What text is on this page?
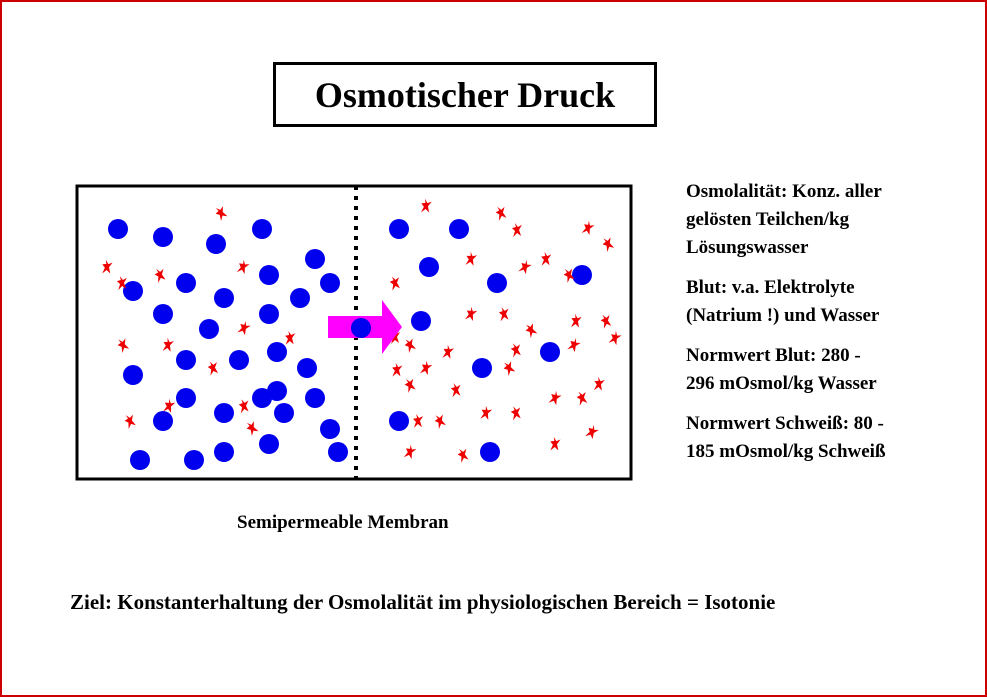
Osmotischer Druck

Osmolalität: Konz. aller
gelösten Teilchen/kg
Lösungswasser

Blut: v.a. Elektrolyte
(Natrium !) und Wasser

Normwert Blut: 280 -
296 mOsmol/kg Wasser

Normwert Schweiß: 80 -
185 mOsmol/kg Schweiß

Semipermeable Membran
Ziel: Konstanterhaltung der Osmolalität im physiologischen Bereich = Isotonie
